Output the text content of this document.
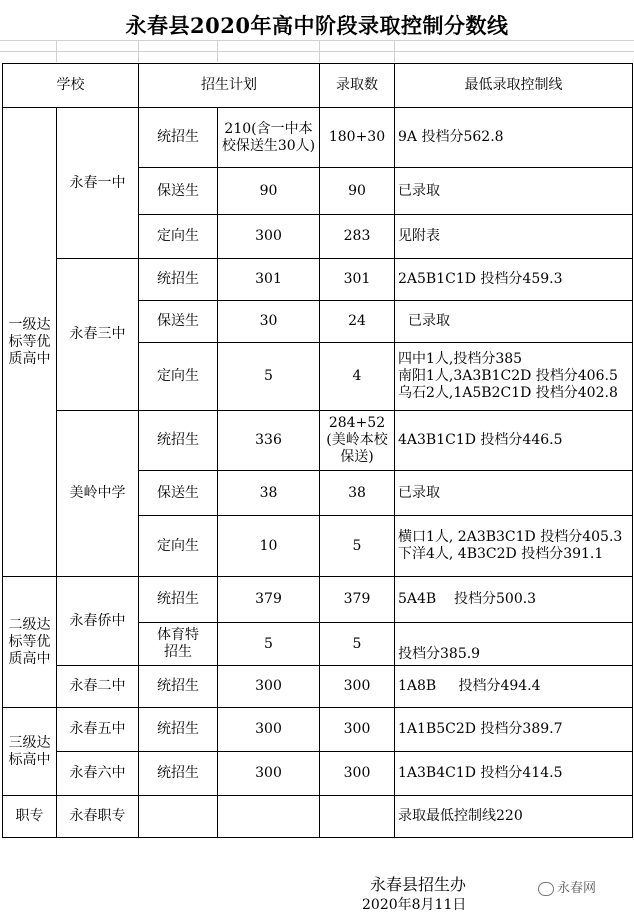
永春县2020年高中阶段录取控制分数线
学校		招生计划		录取数	最低录取控制线
一级达标等优质高中	永春一中	统招生	210(含一中本校保送生30人)	180+30	9A 投档分562.8
		保送生	90	90	已录取
		定向生	300	283	见附表
	永春三中	统招生	301	301	2A5B1C1D 投档分459.3
		保送生	30	24	已录取
		定向生	5	4	四中1人,投档分385
南阳1人,3A3B1C2D 投档分406.5
乌石2人,1A5B2C1D 投档分402.8

	美岭中学	统招生	336	284+52(美岭本校保送)	4A3B1C1D 投档分446.5
		保送生	38	38	已录取
		定向生	10	5	横口1人, 2A3B3C1D 投档分405.3
下洋4人, 4B3C2D 投档分391.1

二级达标等优质高中	永春侨中	统招生	379	379	5A4B    投档分500.3
		体育特招生	5	5	投档分385.9
	永春二中	统招生	300	300	1A8B     投档分494.4
三级达标高中	永春五中	统招生	300	300	1A1B5C2D 投档分389.7
	永春六中	统招生	300	300	1A3B4C1D 投档分414.5
职专	永春职专				录取最低控制线220
永春县招生办
2020年8月11日
永春网
